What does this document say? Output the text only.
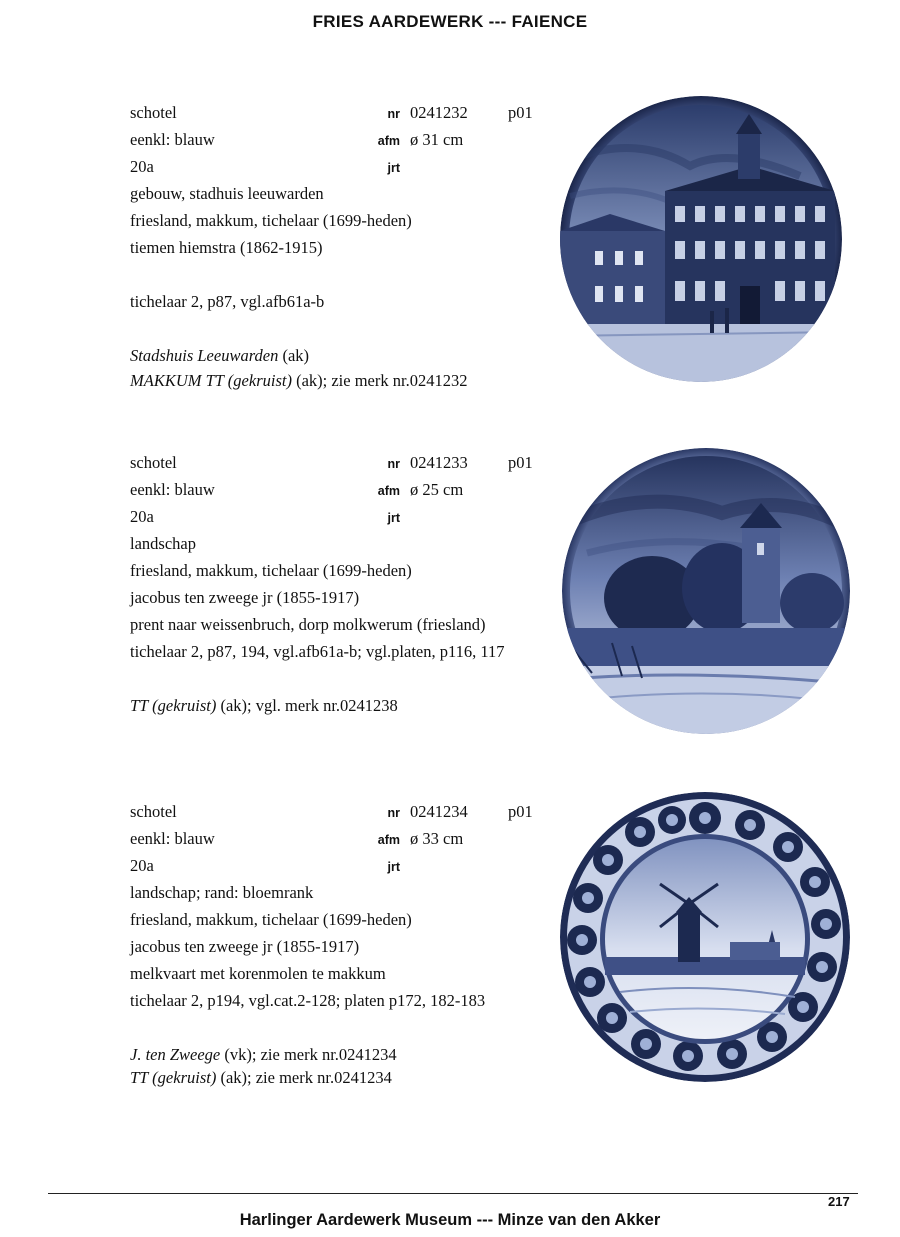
FRIES AARDEWERK --- FAIENCE
schotel	nr 0241232 p01
eenkl: blauw	afm ø 31 cm
20a	jrt
gebouw, stadhuis leeuwarden
friesland, makkum, tichelaar (1699-heden)
tiemen hiemstra (1862-1915)
tichelaar 2, p87, vgl.afb61a-b
Stadshuis Leeuwarden (ak)
MAKKUM TT (gekruist) (ak); zie merk nr.0241232
schotel	nr 0241233 p01
eenkl: blauw	afm ø 25 cm
20a	jrt
landschap
friesland, makkum, tichelaar (1699-heden)
jacobus ten zweege jr (1855-1917)
prent naar weissenbruch, dorp molkwerum (friesland)
tichelaar 2, p87, 194, vgl.afb61a-b; vgl.platen, p116, 117
TT (gekruist) (ak); vgl. merk nr.0241238
schotel	nr 0241234 p01
eenkl: blauw	afm ø 33 cm
20a	jrt
landschap; rand: bloemrank
friesland, makkum, tichelaar (1699-heden)
jacobus ten zweege jr (1855-1917)
melkvaart met korenmolen te makkum
tichelaar 2, p194, vgl.cat.2-128; platen p172, 182-183
J. ten Zweege (vk); zie merk nr.0241234
TT (gekruist) (ak); zie merk nr.0241234
217
Harlinger Aardewerk Museum --- Minze van den Akker
